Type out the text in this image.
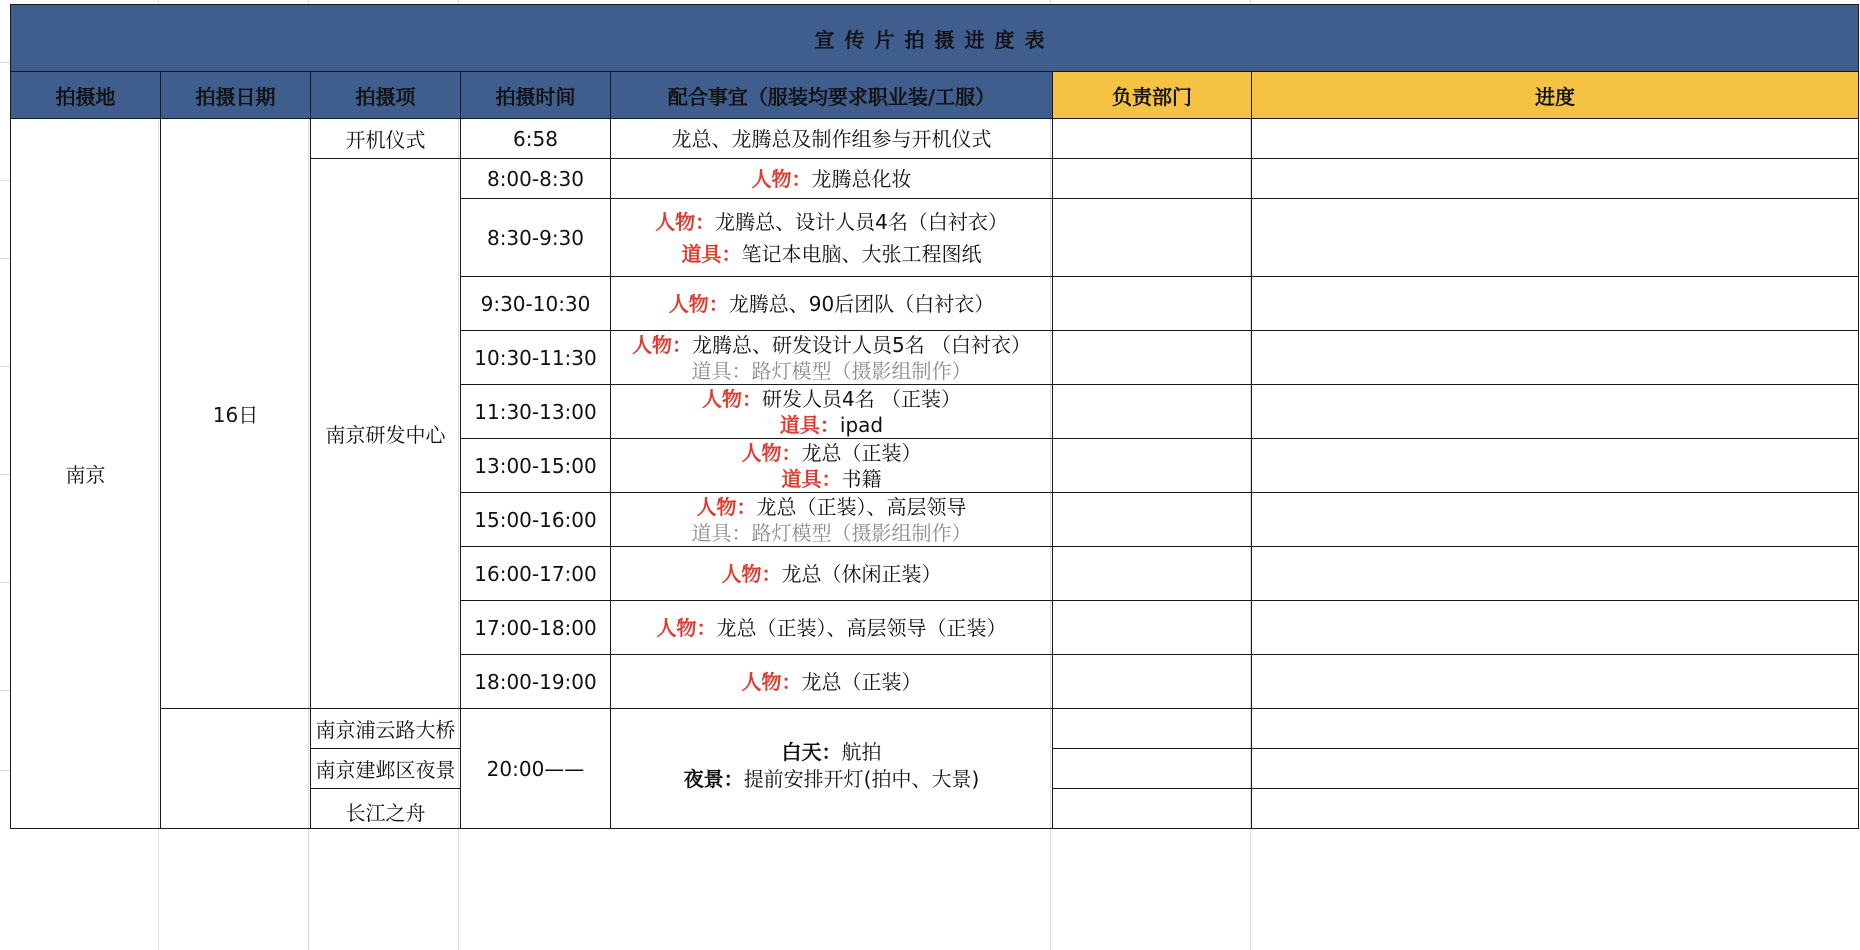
宣传片拍摄进度表						
拍摄地	拍摄日期	拍摄项	拍摄时间	配合事宜（服装均要求职业装/工服）	负责部门	进度
南京	16日	开机仪式	6:58	龙总、龙腾总及制作组参与开机仪式		
		南京研发中心	8:00-8:30	人物：龙腾总化妆		
			8:30-9:30	人物：龙腾总、设计人员4名（白衬衣）
道具：笔记本电脑、大张工程图纸		

			9:30-10:30	人物：龙腾总、90后团队（白衬衣）		
			10:30-11:30	人物：龙腾总、研发设计人员5名 （白衬衣）
道具：路灯模型（摄影组制作）		

			11:30-13:00	人物：研发人员4名 （正装）
道具：ipad		

			13:00-15:00	人物：龙总（正装）
道具：书籍		

			15:00-16:00	人物：龙总（正装）、高层领导
道具：路灯模型（摄影组制作）		

			16:00-17:00	人物：龙总（休闲正装）		
			17:00-18:00	人物：龙总（正装）、高层领导（正装）		
			18:00-19:00	人物：龙总（正装）		
		南京浦云路大桥	20:00——	白天：航拍
夜景：提前安排开灯(拍中、大景)		

		南京建邺区夜景				
		长江之舟				
